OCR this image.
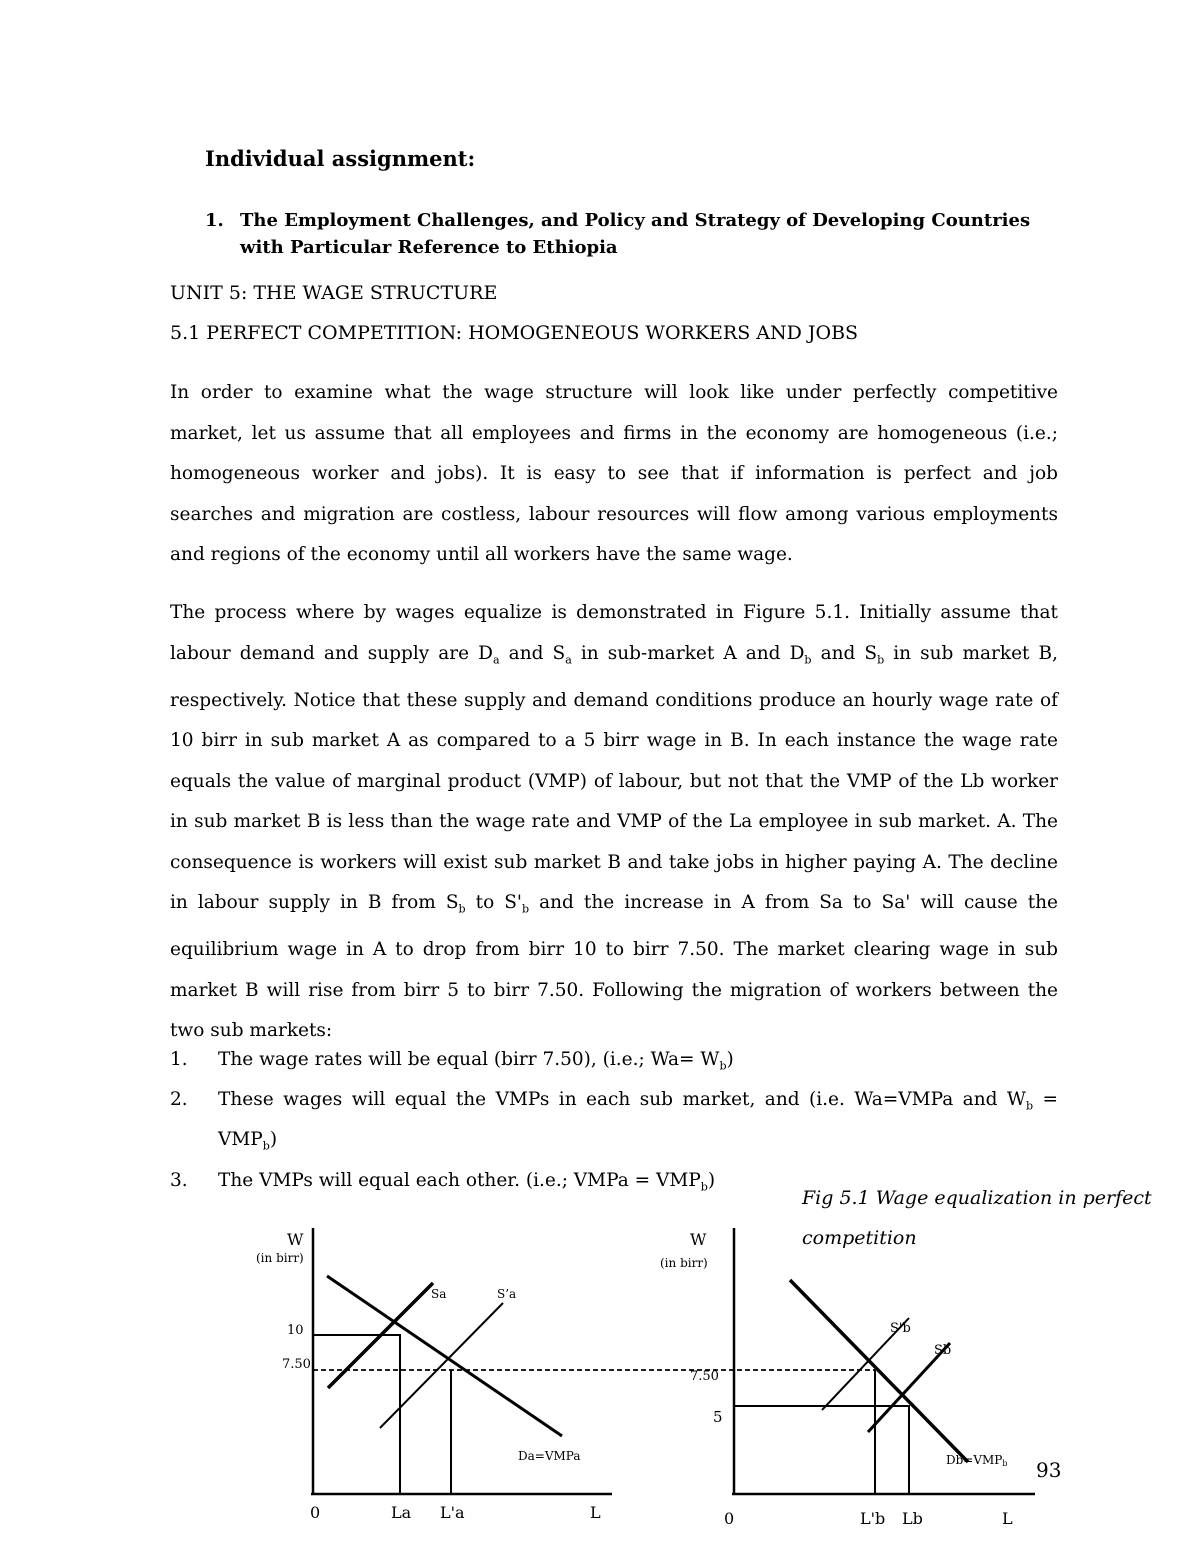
Individual assignment:
1. The Employment Challenges, and Policy and Strategy of Developing Countries
with Particular Reference to Ethiopia
UNIT 5: THE WAGE STRUCTURE
5.1 PERFECT COMPETITION: HOMOGENEOUS WORKERS AND JOBS
In order to examine what the wage structure will look like under perfectly competitive market, let us assume that all employees and firms in the economy are homogeneous (i.e.; homogeneous worker and jobs). It is easy to see that if information is perfect and job searches and migration are costless, labour resources will flow among various employments and regions of the economy until all workers have the same wage.
The process where by wages equalize is demonstrated in Figure 5.1. Initially assume that labour demand and supply are $D_a$ and $S_a$ in sub-market A and $D_b$ and $S_b$ in sub market B, respectively. Notice that these supply and demand conditions produce an hourly wage rate of 10 birr in sub market A as compared to a 5 birr wage in B. In each instance the wage rate equals the value of marginal product (VMP) of labour, but not that the VMP of the Lb worker in sub market B is less than the wage rate and VMP of the La employee in sub market. A. The consequence is workers will exist sub market B and take jobs in higher paying A. The decline in labour supply in B from $S_b$ to $S'_b$ and the increase in A from Sa to Sa' will cause the equilibrium wage in A to drop from birr 10 to birr 7.50. The market clearing wage in sub market B will rise from birr 5 to birr 7.50. Following the migration of workers between the two sub markets:
1. The wage rates will be equal (birr 7.50), (i.e.; $Wa= W_b$)
2. These wages will equal the VMPs in each sub market, and (i.e. Wa=VMPa and $W_b$ =
$VMP_b$)
3. The VMPs will equal each other. (i.e.; VMPa = $VMP_b$)
Fig 5.1 Wage equalization in perfect
competition
W
(in birr)
0	L
10
7.50
La L'a
Sa	S’a
Da=VMPa
W
(in birr)
0	L
7.50
5
L'b Lb
S'b
Sb
Db=VMPb 93
